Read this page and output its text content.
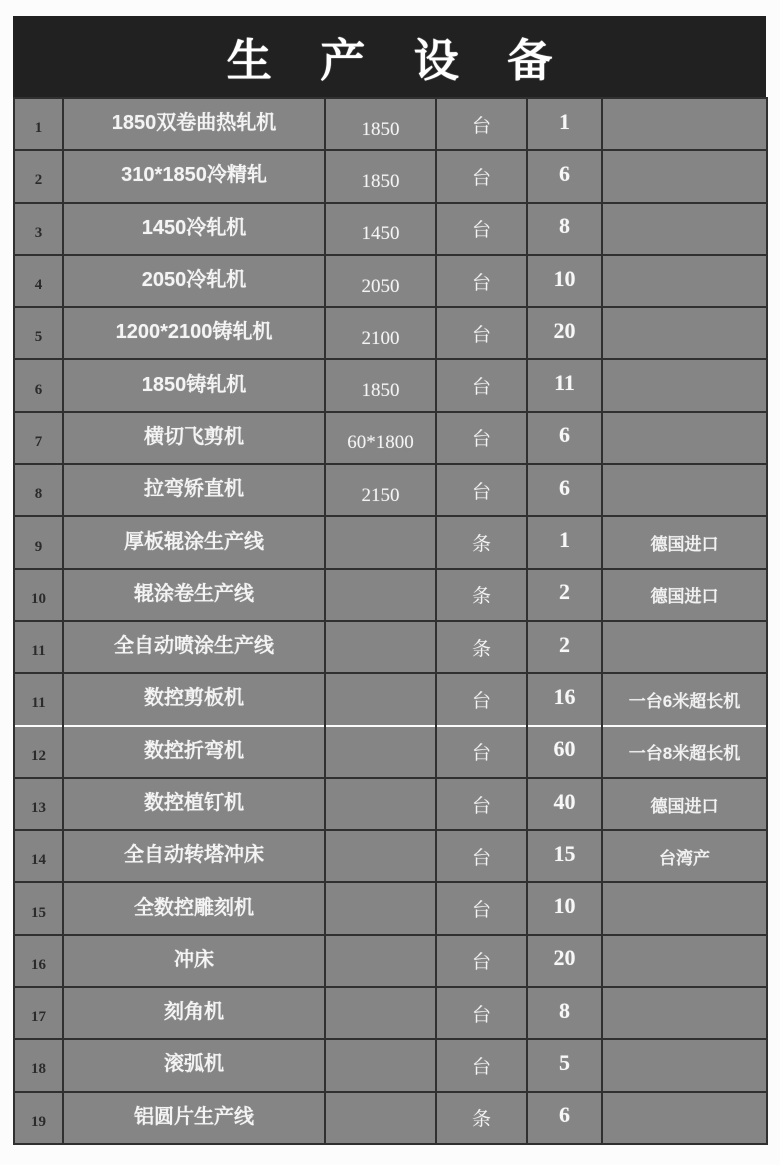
生 产 设 备
1	1850双卷曲热轧机	1850	台	1	
2	310*1850冷精轧	1850	台	6	
3	1450冷轧机	1450	台	8	
4	2050冷轧机	2050	台	10	
5	1200*2100铸轧机	2100	台	20	
6	1850铸轧机	1850	台	11	
7	横切飞剪机	60*1800	台	6	
8	拉弯矫直机	2150	台	6	
9	厚板辊涂生产线		条	1	德国进口
10	辊涂卷生产线		条	2	德国进口
11	全自动喷涂生产线		条	2	
11	数控剪板机		台	16	一台6米超长机
12	数控折弯机		台	60	一台8米超长机
13	数控植钉机		台	40	德国进口
14	全自动转塔冲床		台	15	台湾产
15	全数控雕刻机		台	10	
16	冲床		台	20	
17	刻角机		台	8	
18	滚弧机		台	5	
19	铝圆片生产线		条	6	
